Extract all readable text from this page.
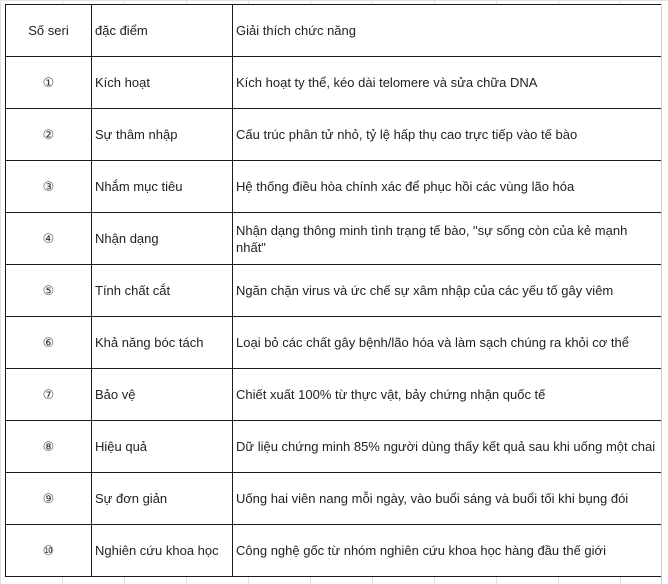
Số seri	đặc điểm	Giải thích chức năng
①	Kích hoạt	Kích hoạt ty thể, kéo dài telomere và sửa chữa DNA
②	Sự thâm nhập	Cấu trúc phân tử nhỏ, tỷ lệ hấp thụ cao trực tiếp vào tế bào
③	Nhắm mục tiêu	Hệ thống điều hòa chính xác để phục hồi các vùng lão hóa
④	Nhận dạng	Nhận dạng thông minh tình trạng tế bào, "sự sống còn của kẻ mạnh nhất"
⑤	Tính chất cắt	Ngăn chặn virus và ức chế sự xâm nhập của các yếu tố gây viêm
⑥	Khả năng bóc tách	Loại bỏ các chất gây bệnh/lão hóa và làm sạch chúng ra khỏi cơ thể
⑦	Bảo vệ	Chiết xuất 100% từ thực vật, bảy chứng nhận quốc tế
⑧	Hiệu quả	Dữ liệu chứng minh 85% người dùng thấy kết quả sau khi uống một chai
⑨	Sự đơn giản	Uống hai viên nang mỗi ngày, vào buổi sáng và buổi tối khi bụng đói
⑩	Nghiên cứu khoa học	Công nghệ gốc từ nhóm nghiên cứu khoa học hàng đầu thế giới
